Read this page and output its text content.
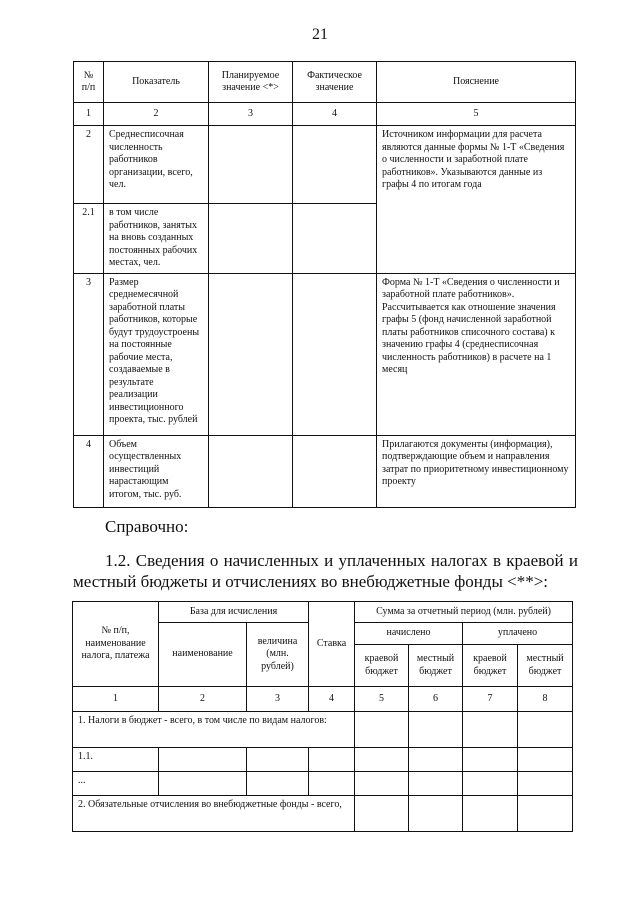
21
№ п/п	Показатель	Планируемое значение <*>	Фактическое значение	Пояснение
1	2	3	4	5
2	Среднесписочная численность работников организации, всего, чел.			Источником информации для расчета являются данные формы № 1-Т «Сведения о численности и заработной плате работников». Указываются данные из графы 4 по итогам года
2.1	в том числе работников, занятых на вновь созданных постоянных рабочих местах, чел.			
3	Размер среднемесячной заработной платы работников, которые будут трудоустроены на постоянные рабочие места, создаваемые в результате реализации инвестиционного проекта, тыс. рублей			Форма № 1-Т «Сведения о численности и заработной плате работников». Рассчитывается как отношение значения графы 5 (фонд начисленной заработной платы работников списочного состава) к значению графы 4 (среднесписочная численность работников) в расчете на 1 месяц
4	Объем осуществленных инвестиций нарастающим итогом, тыс. руб.			Прилагаются документы (информация), подтверждающие объем и направления затрат по приоритетному инвестиционному проекту
Справочно:
1.2. Сведения о начисленных и уплаченных налогах в краевой и местный бюджеты и отчислениях во внебюджетные фонды <**>:
№ п/п, наименование налога, платежа	База для исчисления		Ставка	Сумма за отчетный период (млн. рублей)			
	наименование	величина (млн. рублей)		начислено		уплачено	
				краевой бюджет	местный бюджет	краевой бюджет	местный бюджет
1	2	3	4	5	6	7	8
1. Налоги в бюджет - всего, в том числе по видам налогов:							
1.1.							
...							
2. Обязательные отчисления во внебюджетные фонды - всего,							
